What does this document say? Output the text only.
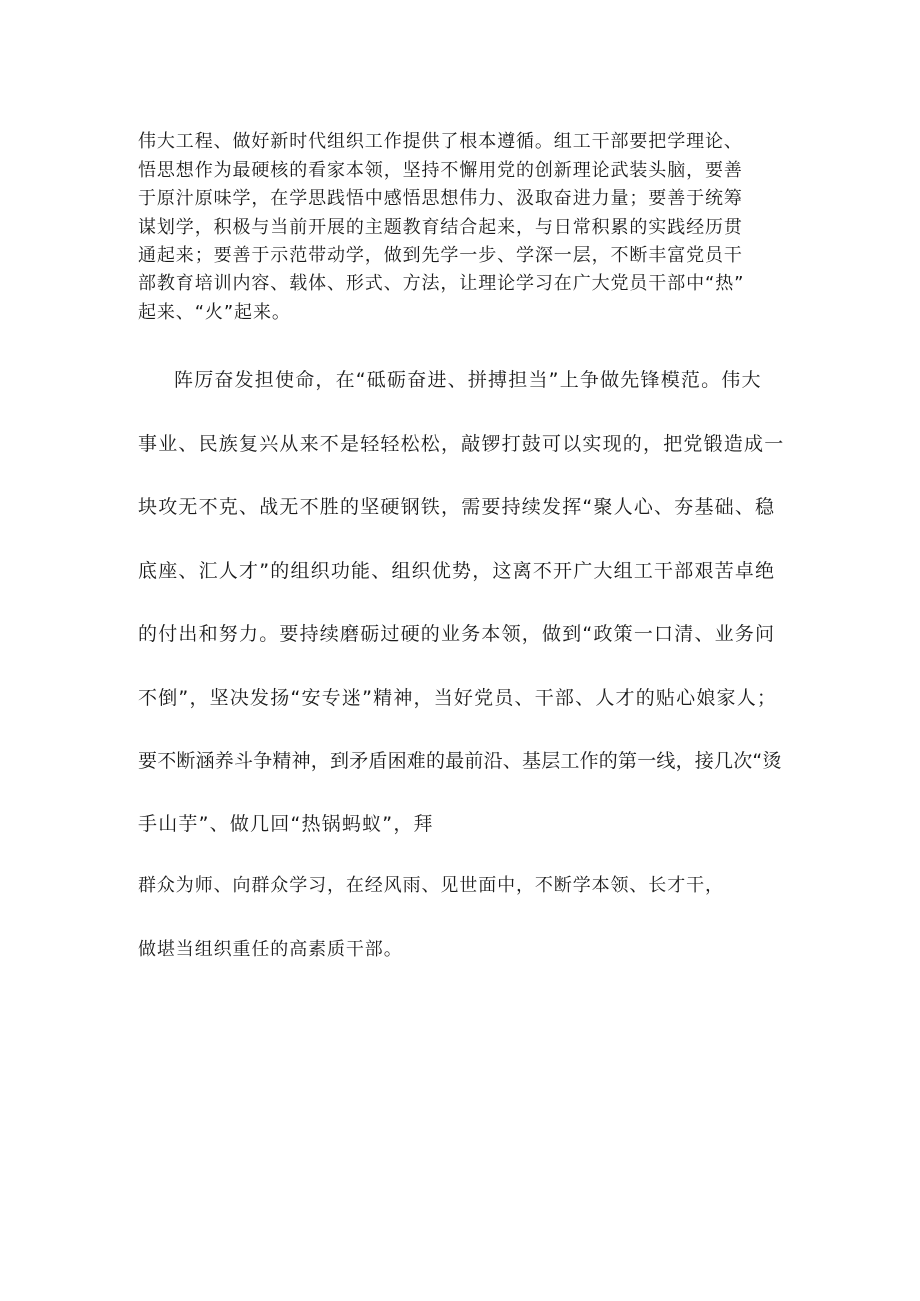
伟大工程、做好新时代组织工作提供了根本遵循。组工干部要把学理论、
悟思想作为最硬核的看家本领，坚持不懈用党的创新理论武装头脑，要善
于原汁原味学，在学思践悟中感悟思想伟力、汲取奋进力量；要善于统筹
谋划学，积极与当前开展的主题教育结合起来，与日常积累的实践经历贯
通起来；要善于示范带动学，做到先学一步、学深一层，不断丰富党员干
部教育培训内容、载体、形式、方法，让理论学习在广大党员干部中“热”
起来、“火”起来。
阵厉奋发担使命，在“砥砺奋进、拼搏担当”上争做先锋模范。伟大
事业、民族复兴从来不是轻轻松松，敲锣打鼓可以实现的，把党锻造成一
块攻无不克、战无不胜的坚硬钢铁，需要持续发挥“聚人心、夯基础、稳
底座、汇人才”的组织功能、组织优势，这离不开广大组工干部艰苦卓绝
的付出和努力。要持续磨砺过硬的业务本领，做到“政策一口清、业务问
不倒”，坚决发扬“安专迷”精神，当好党员、干部、人才的贴心娘家人；
要不断涵养斗争精神，到矛盾困难的最前沿、基层工作的第一线，接几次“烫
手山芋”、做几回“热锅蚂蚁”，拜
群众为师、向群众学习，在经风雨、见世面中，不断学本领、长才干，
做堪当组织重任的高素质干部。
